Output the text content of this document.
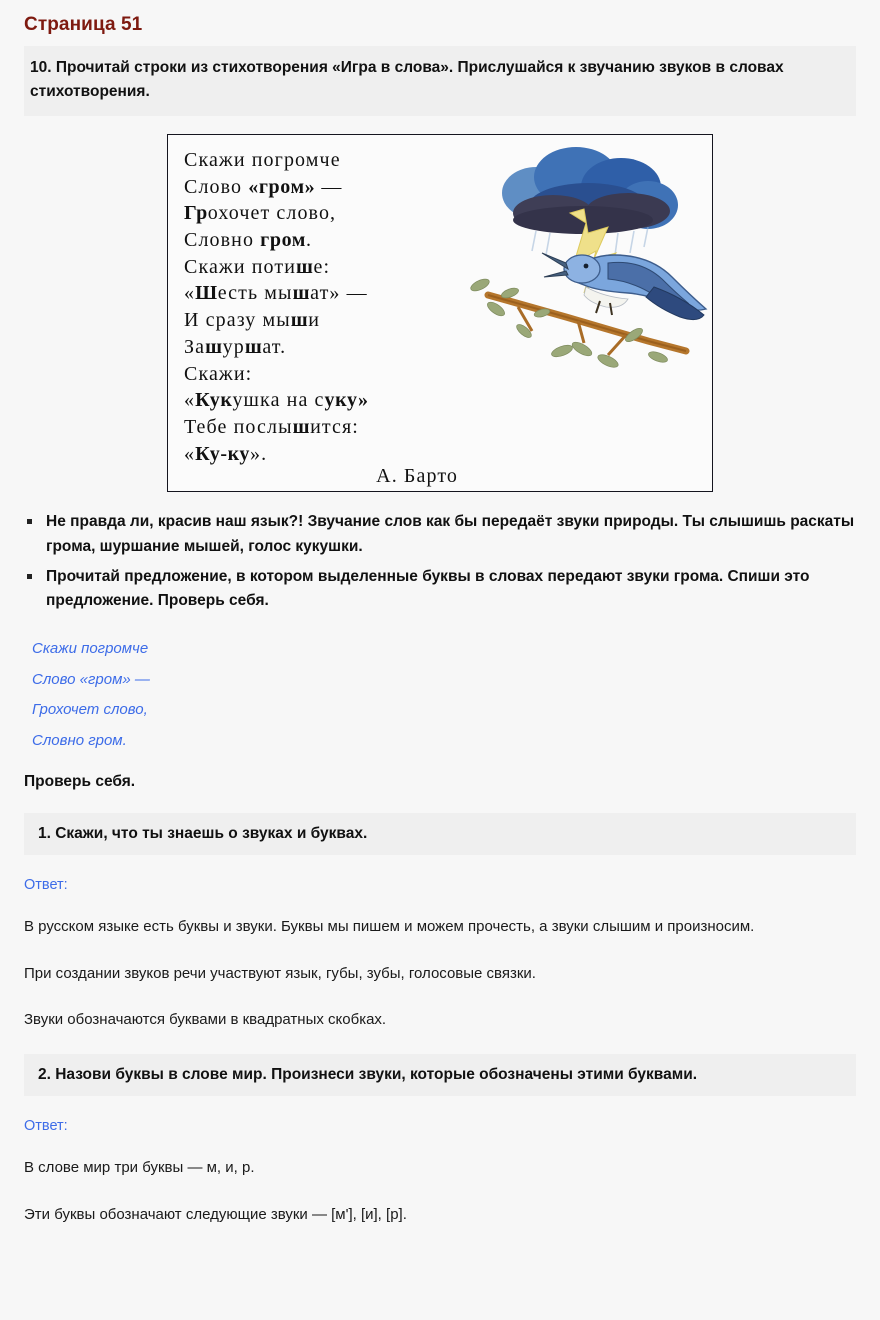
Страница 51
10. Прочитай строки из стихотворения «Игра в слова». Прислушайся к звучанию звуков в словах стихотворения.
Скажи погромче
Слово «гром» —
Грохочет слово,
Словно гром.
Скажи потише:
«Шесть мышат» —
И сразу мыши
Зашуршат.
Скажи:
«Кукушка на суку»
Тебе послышится:
«Ку-ку».
А. Барто
Не правда ли, красив наш язык?! Звучание слов как бы передаёт звуки природы. Ты слышишь раскаты грома, шуршание мышей, голос кукушки.
Прочитай предложение, в котором выделенные буквы в словах передают звуки грома. Спиши это предложение. Проверь себя.
Скажи погромче
Слово «гром» —
Грохочет слово,
Словно гром.
Проверь себя.
1. Скажи, что ты знаешь о звуках и буквах.
Ответ:
В русском языке есть буквы и звуки. Буквы мы пишем и можем прочесть, а звуки слышим и произносим.
При создании звуков речи участвуют язык, губы, зубы, голосовые связки.
Звуки обозначаются буквами в квадратных скобках.
2. Назови буквы в слове мир. Произнеси звуки, которые обозначены этими буквами.
Ответ:
В слове мир три буквы — м, и, р.
Эти буквы обозначают следующие звуки — [м'], [и], [р].
